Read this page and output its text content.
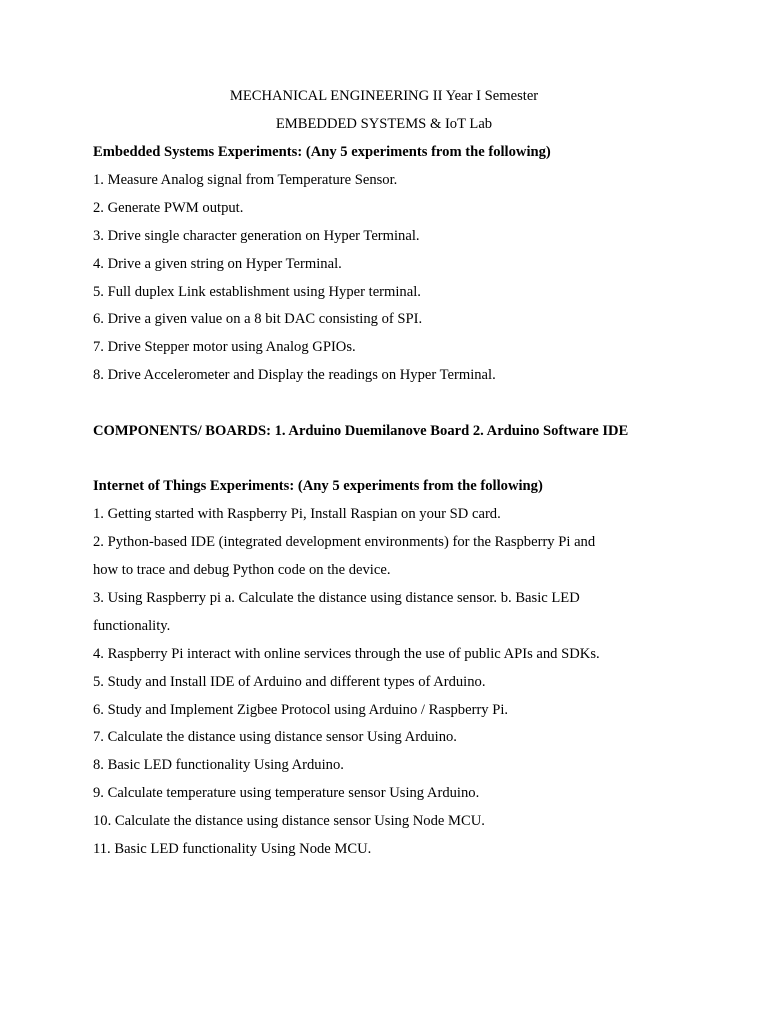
MECHANICAL ENGINEERING II Year I Semester
EMBEDDED SYSTEMS & IoT Lab
Embedded Systems Experiments: (Any 5 experiments from the following)
1. Measure Analog signal from Temperature Sensor.
2. Generate PWM output.
3. Drive single character generation on Hyper Terminal.
4. Drive a given string on Hyper Terminal.
5. Full duplex Link establishment using Hyper terminal.
6. Drive a given value on a 8 bit DAC consisting of SPI.
7. Drive Stepper motor using Analog GPIOs.
8. Drive Accelerometer and Display the readings on Hyper Terminal.
COMPONENTS/ BOARDS: 1. Arduino Duemilanove Board 2. Arduino Software IDE
Internet of Things Experiments: (Any 5 experiments from the following)
1. Getting started with Raspberry Pi, Install Raspian on your SD card.
2. Python-based IDE (integrated development environments) for the Raspberry Pi and
how to trace and debug Python code on the device.
3. Using Raspberry pi a. Calculate the distance using distance sensor. b. Basic LED
functionality.
4. Raspberry Pi interact with online services through the use of public APIs and SDKs.
5. Study and Install IDE of Arduino and different types of Arduino.
6. Study and Implement Zigbee Protocol using Arduino / Raspberry Pi.
7. Calculate the distance using distance sensor Using Arduino.
8. Basic LED functionality Using Arduino.
9. Calculate temperature using temperature sensor Using Arduino.
10. Calculate the distance using distance sensor Using Node MCU.
11. Basic LED functionality Using Node MCU.
